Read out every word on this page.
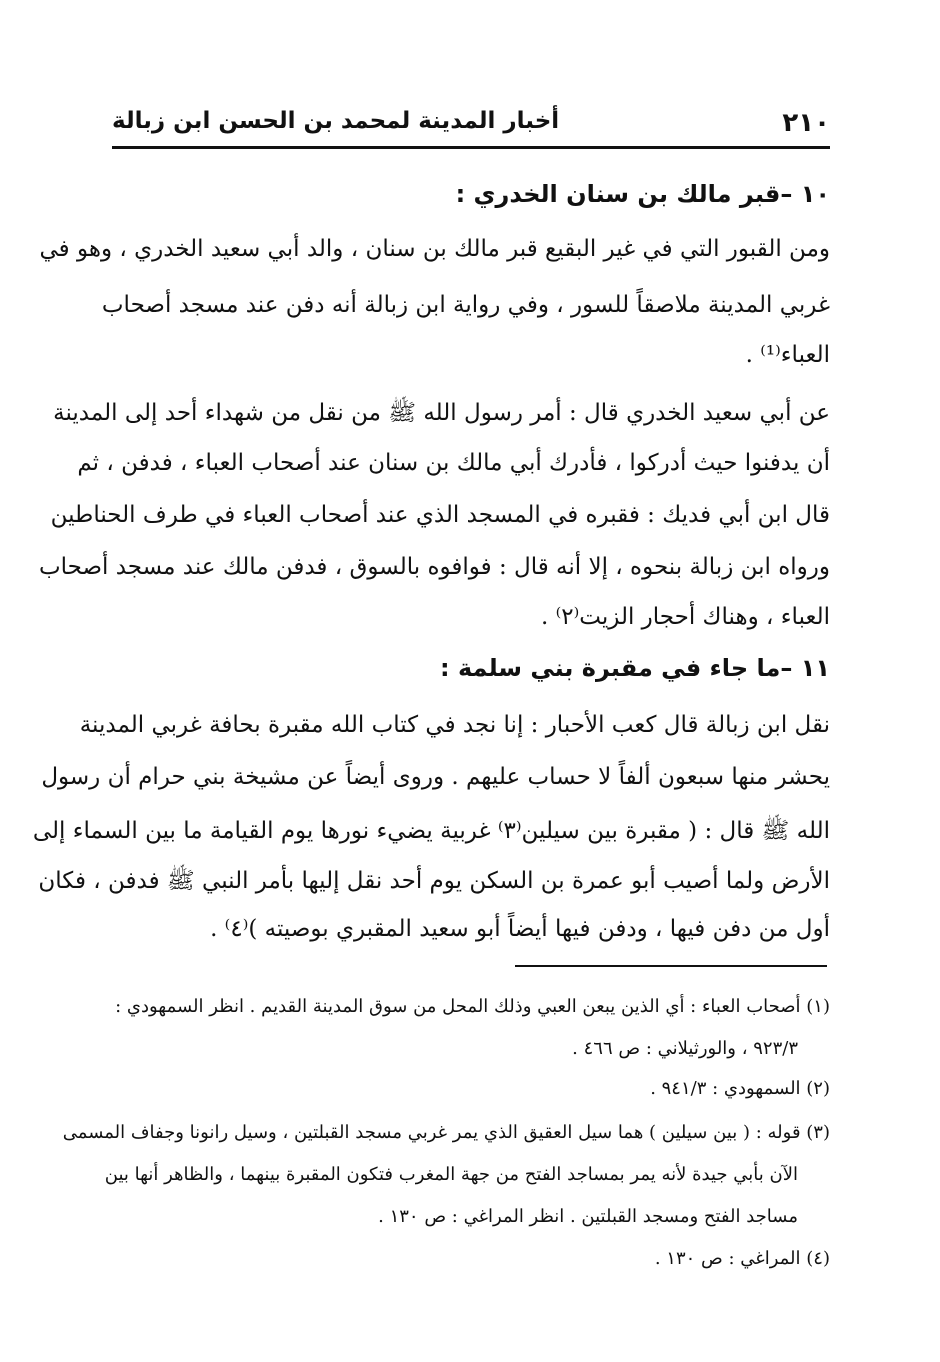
٢١٠
أخبار المدينة لمحمد بن الحسن ابن زبالة
١٠ –قبر مالك بن سنان الخدري :
ومن القبور التي في غير البقيع قبر مالك بن سنان ، والد أبي سعيد الخدري ، وهو في
غربي المدينة ملاصقاً للسور ، وفي رواية ابن زبالة أنه دفن عند مسجد أصحاب
العباء⁽¹⁾ .
عن أبي سعيد الخدري قال : أمر رسول الله ﷺ من نقل من شهداء أحد إلى المدينة
أن يدفنوا حيث أدركوا ، فأدرك أبي مالك بن سنان عند أصحاب العباء ، فدفن ، ثم
قال ابن أبي فديك : فقبره في المسجد الذي عند أصحاب العباء في طرف الحناطين
ورواه ابن زبالة بنحوه ، إلا أنه قال : فوافوه بالسوق ، فدفن مالك عند مسجد أصحاب
العباء ، وهناك أحجار الزيت⁽٢⁾ .
١١ –ما جاء في مقبرة بني سلمة :
نقل ابن زبالة قال كعب الأحبار : إنا نجد في كتاب الله مقبرة بحافة غربي المدينة
يحشر منها سبعون ألفاً لا حساب عليهم . وروى أيضاً عن مشيخة بني حرام أن رسول
الله ﷺ قال : ( مقبرة بين سيلين⁽٣⁾ غربية يضيء نورها يوم القيامة ما بين السماء إلى
الأرض ولما أصيب أبو عمرة بن السكن يوم أحد نقل إليها بأمر النبي ﷺ فدفن ، فكان
أول من دفن فيها ، ودفن فيها أيضاً أبو سعيد المقبري بوصيته )⁽٤⁾ .
(١) أصحاب العباء : أي الذين يبعن العبي وذلك المحل من سوق المدينة القديم . انظر السمهودي :
٩٢٣/٣ ، والورثيلاني : ص ٤٦٦ .
(٢) السمهودي : ٩٤١/٣ .
(٣) قوله : ( بين سيلين ) هما سيل العقيق الذي يمر غربي مسجد القبلتين ، وسيل رانونا وجفاف المسمى
الآن بأبي جيدة لأنه يمر بمساجد الفتح من جهة المغرب فتكون المقبرة بينهما ، والظاهر أنها بين
مساجد الفتح ومسجد القبلتين . انظر المراغي : ص ١٣٠ .
(٤) المراغي : ص ١٣٠ .
